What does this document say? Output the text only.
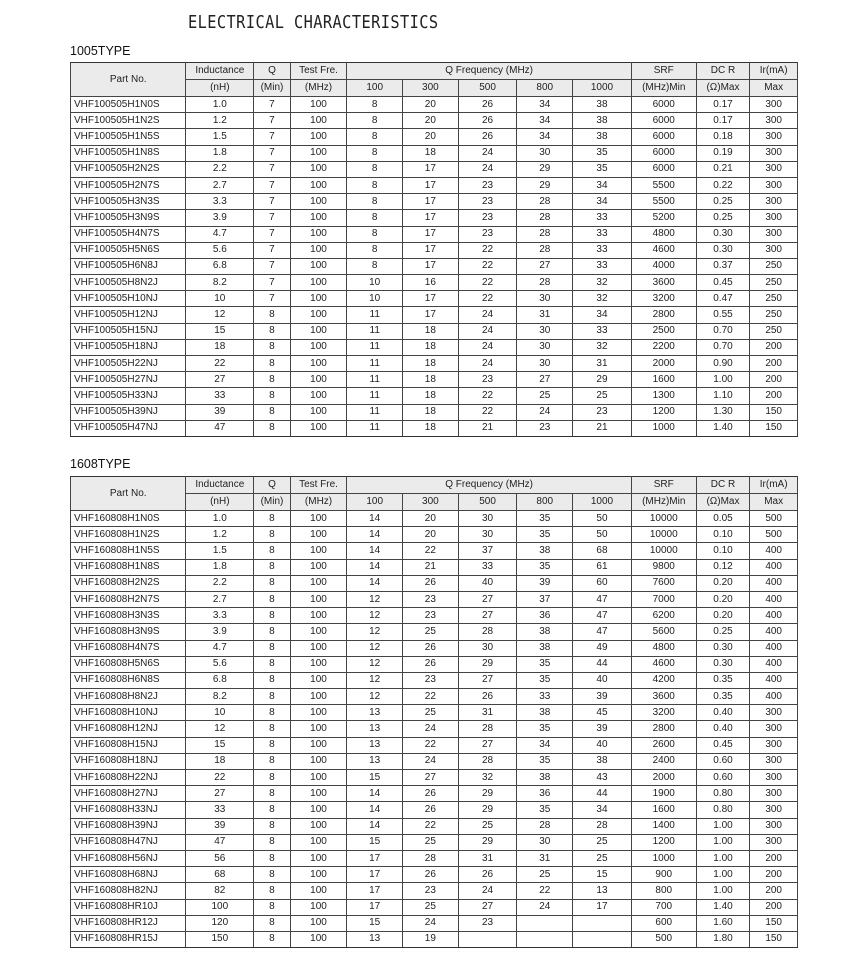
ELECTRICAL CHARACTERISTICS
1005TYPE
Part No.	Inductance	Q	Test Fre.	Q Frequency (MHz)					SRF	DC R	Ir(mA)
	(nH)	(Min)	(MHz)	100	300	500	800	1000	(MHz)Min	(Ω)Max	Max
VHF100505H1N0S	1.0	7	100	8	20	26	34	38	6000	0.17	300
VHF100505H1N2S	1.2	7	100	8	20	26	34	38	6000	0.17	300
VHF100505H1N5S	1.5	7	100	8	20	26	34	38	6000	0.18	300
VHF100505H1N8S	1.8	7	100	8	18	24	30	35	6000	0.19	300
VHF100505H2N2S	2.2	7	100	8	17	24	29	35	6000	0.21	300
VHF100505H2N7S	2.7	7	100	8	17	23	29	34	5500	0.22	300
VHF100505H3N3S	3.3	7	100	8	17	23	28	34	5500	0.25	300
VHF100505H3N9S	3.9	7	100	8	17	23	28	33	5200	0.25	300
VHF100505H4N7S	4.7	7	100	8	17	23	28	33	4800	0.30	300
VHF100505H5N6S	5.6	7	100	8	17	22	28	33	4600	0.30	300
VHF100505H6N8J	6.8	7	100	8	17	22	27	33	4000	0.37	250
VHF100505H8N2J	8.2	7	100	10	16	22	28	32	3600	0.45	250
VHF100505H10NJ	10	7	100	10	17	22	30	32	3200	0.47	250
VHF100505H12NJ	12	8	100	11	17	24	31	34	2800	0.55	250
VHF100505H15NJ	15	8	100	11	18	24	30	33	2500	0.70	250
VHF100505H18NJ	18	8	100	11	18	24	30	32	2200	0.70	200
VHF100505H22NJ	22	8	100	11	18	24	30	31	2000	0.90	200
VHF100505H27NJ	27	8	100	11	18	23	27	29	1600	1.00	200
VHF100505H33NJ	33	8	100	11	18	22	25	25	1300	1.10	200
VHF100505H39NJ	39	8	100	11	18	22	24	23	1200	1.30	150
VHF100505H47NJ	47	8	100	11	18	21	23	21	1000	1.40	150
1608TYPE
Part No.	Inductance	Q	Test Fre.	Q Frequency (MHz)					SRF	DC R	Ir(mA)
	(nH)	(Min)	(MHz)	100	300	500	800	1000	(MHz)Min	(Ω)Max	Max
VHF160808H1N0S	1.0	8	100	14	20	30	35	50	10000	0.05	500
VHF160808H1N2S	1.2	8	100	14	20	30	35	50	10000	0.10	500
VHF160808H1N5S	1.5	8	100	14	22	37	38	68	10000	0.10	400
VHF160808H1N8S	1.8	8	100	14	21	33	35	61	9800	0.12	400
VHF160808H2N2S	2.2	8	100	14	26	40	39	60	7600	0.20	400
VHF160808H2N7S	2.7	8	100	12	23	27	37	47	7000	0.20	400
VHF160808H3N3S	3.3	8	100	12	23	27	36	47	6200	0.20	400
VHF160808H3N9S	3.9	8	100	12	25	28	38	47	5600	0.25	400
VHF160808H4N7S	4.7	8	100	12	26	30	38	49	4800	0.30	400
VHF160808H5N6S	5.6	8	100	12	26	29	35	44	4600	0.30	400
VHF160808H6N8S	6.8	8	100	12	23	27	35	40	4200	0.35	400
VHF160808H8N2J	8.2	8	100	12	22	26	33	39	3600	0.35	400
VHF160808H10NJ	10	8	100	13	25	31	38	45	3200	0.40	300
VHF160808H12NJ	12	8	100	13	24	28	35	39	2800	0.40	300
VHF160808H15NJ	15	8	100	13	22	27	34	40	2600	0.45	300
VHF160808H18NJ	18	8	100	13	24	28	35	38	2400	0.60	300
VHF160808H22NJ	22	8	100	15	27	32	38	43	2000	0.60	300
VHF160808H27NJ	27	8	100	14	26	29	36	44	1900	0.80	300
VHF160808H33NJ	33	8	100	14	26	29	35	34	1600	0.80	300
VHF160808H39NJ	39	8	100	14	22	25	28	28	1400	1.00	300
VHF160808H47NJ	47	8	100	15	25	29	30	25	1200	1.00	300
VHF160808H56NJ	56	8	100	17	28	31	31	25	1000	1.00	200
VHF160808H68NJ	68	8	100	17	26	26	25	15	900	1.00	200
VHF160808H82NJ	82	8	100	17	23	24	22	13	800	1.00	200
VHF160808HR10J	100	8	100	17	25	27	24	17	700	1.40	200
VHF160808HR12J	120	8	100	15	24	23			600	1.60	150
VHF160808HR15J	150	8	100	13	19				500	1.80	150
